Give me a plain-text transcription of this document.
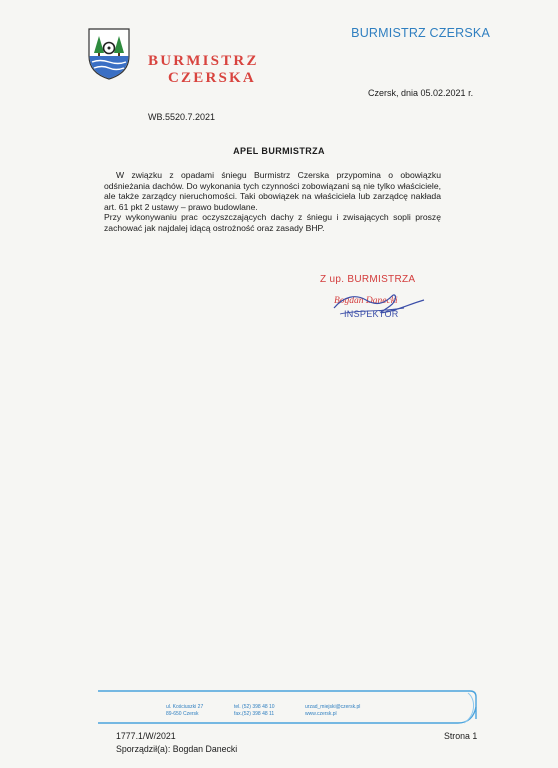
BURMISTRZ CZERSKA
BURMISTRZ
CZERSKA
Czersk, dnia 05.02.2021 r.
WB.5520.7.2021
APEL BURMISTRZA

W związku z opadami śniegu Burmistrz Czerska przypomina o obowiązku odśnieżania dachów. Do wykonania tych czynności zobowiązani są nie tylko właściciele, ale także zarządcy nieruchomości. Taki obowiązek na właściciela lub zarządcę nakłada art. 61 pkt 2 ustawy – prawo budowlane.

Przy wykonywaniu prac oczyszczających dachy z śniegu i zwisających sopli proszę zachować jak najdalej idącą ostrożność oraz zasady BHP.

Z up. BURMISTRZA
Bogdan Danecki
INSPEKTOR
ul. Kościuszki 27
89-650 Czersk
tel. (52) 398 48 10
fax.(52) 398 48 11
urzad_miejski@czersk.pl
www.czersk.pl
1777.1/W/2021	Strona 1
Sporządził(a): Bogdan Danecki
